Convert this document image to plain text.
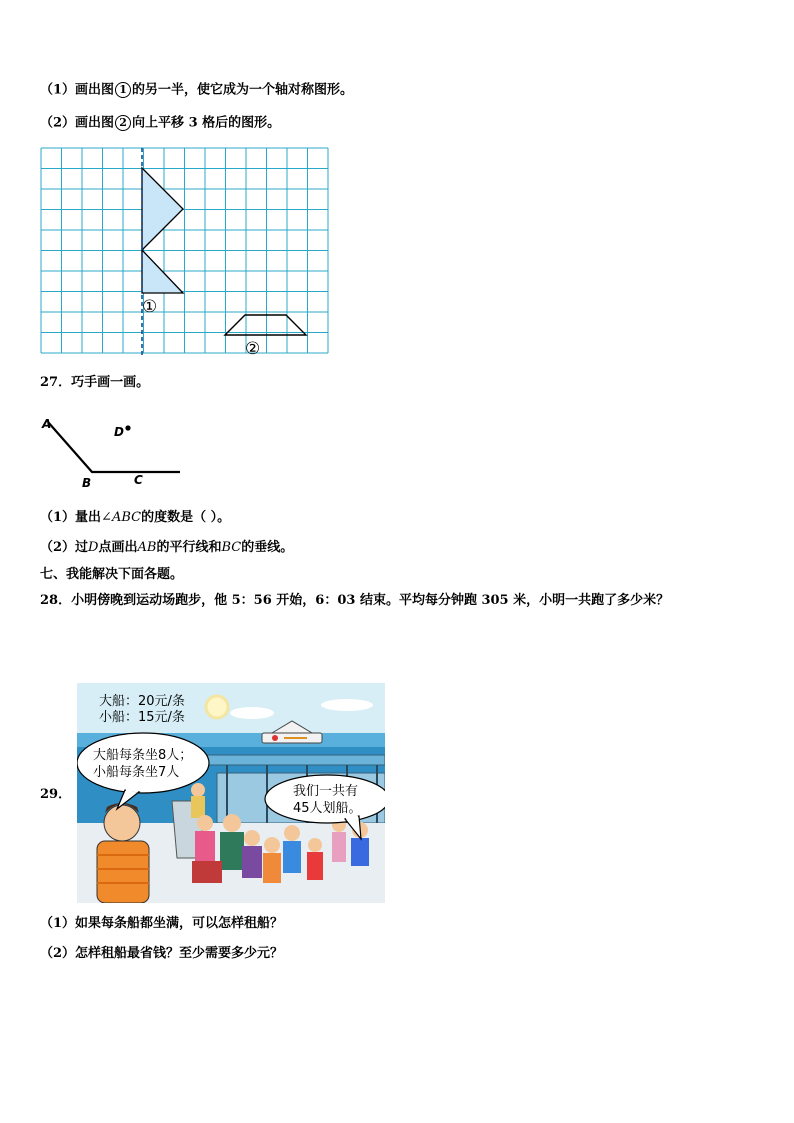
（1）画出图 1 的另一半，使它成为一个轴对称图形。
（2）画出图 2 向上平移 3 格后的图形。
①
②
27．巧手画一画。
A
B	C
D
（1）量出∠ABC的度数是（ ）。
（2）过D点画出AB的平行线和BC的垂线。
七、我能解决下面各题。
28．小明傍晚到运动场跑步，他 5：56 开始，6：03 结束。平均每分钟跑 305 米，小明一共跑了多少米？
29．
大船：20元/条
小船：15元/条
大船每条坐8人；
小船每条坐7人
我们一共有
45人划船。
（1）如果每条船都坐满，可以怎样租船？
（2）怎样租船最省钱？至少需要多少元？
